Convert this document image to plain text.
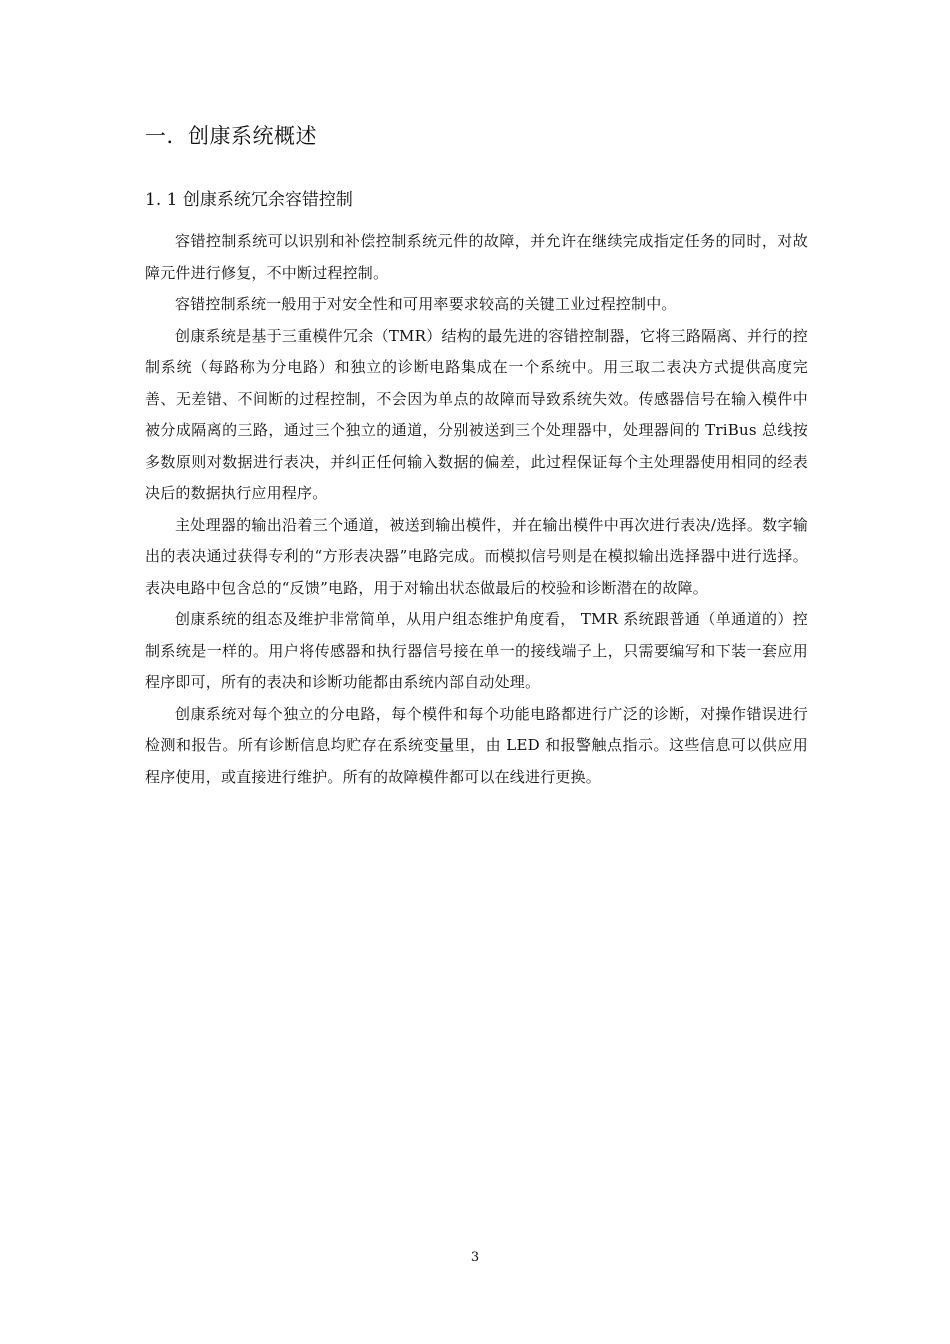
一．创康系统概述
1. 1 创康系统冗余容错控制

容错控制系统可以识别和补偿控制系统元件的故障，并允许在继续完成指定任务的同时，对故障元件进行修复，不中断过程控制。

容错控制系统一般用于对安全性和可用率要求较高的关键工业过程控制中。

创康系统是基于三重模件冗余（TMR）结构的最先进的容错控制器，它将三路隔离、并行的控制系统（每路称为分电路）和独立的诊断电路集成在一个系统中。用三取二表决方式提供高度完善、无差错、不间断的过程控制，不会因为单点的故障而导致系统失效。传感器信号在输入模件中被分成隔离的三路，通过三个独立的通道，分别被送到三个处理器中，处理器间的 TriBus 总线按多数原则对数据进行表决，并纠正任何输入数据的偏差，此过程保证每个主处理器使用相同的经表决后的数据执行应用程序。

主处理器的输出沿着三个通道，被送到输出模件，并在输出模件中再次进行表决/选择。数字输出的表决通过获得专利的“方形表决器”电路完成。而模拟信号则是在模拟输出选择器中进行选择。表决电路中包含总的“反馈”电路，用于对输出状态做最后的校验和诊断潜在的故障。

创康系统的组态及维护非常简单，从用户组态维护角度看， TMR 系统跟普通（单通道的）控制系统是一样的。用户将传感器和执行器信号接在单一的接线端子上，只需要编写和下装一套应用程序即可，所有的表决和诊断功能都由系统内部自动处理。

创康系统对每个独立的分电路，每个模件和每个功能电路都进行广泛的诊断，对操作错误进行检测和报告。所有诊断信息均贮存在系统变量里，由 LED 和报警触点指示。这些信息可以供应用程序使用，或直接进行维护。所有的故障模件都可以在线进行更换。

3
